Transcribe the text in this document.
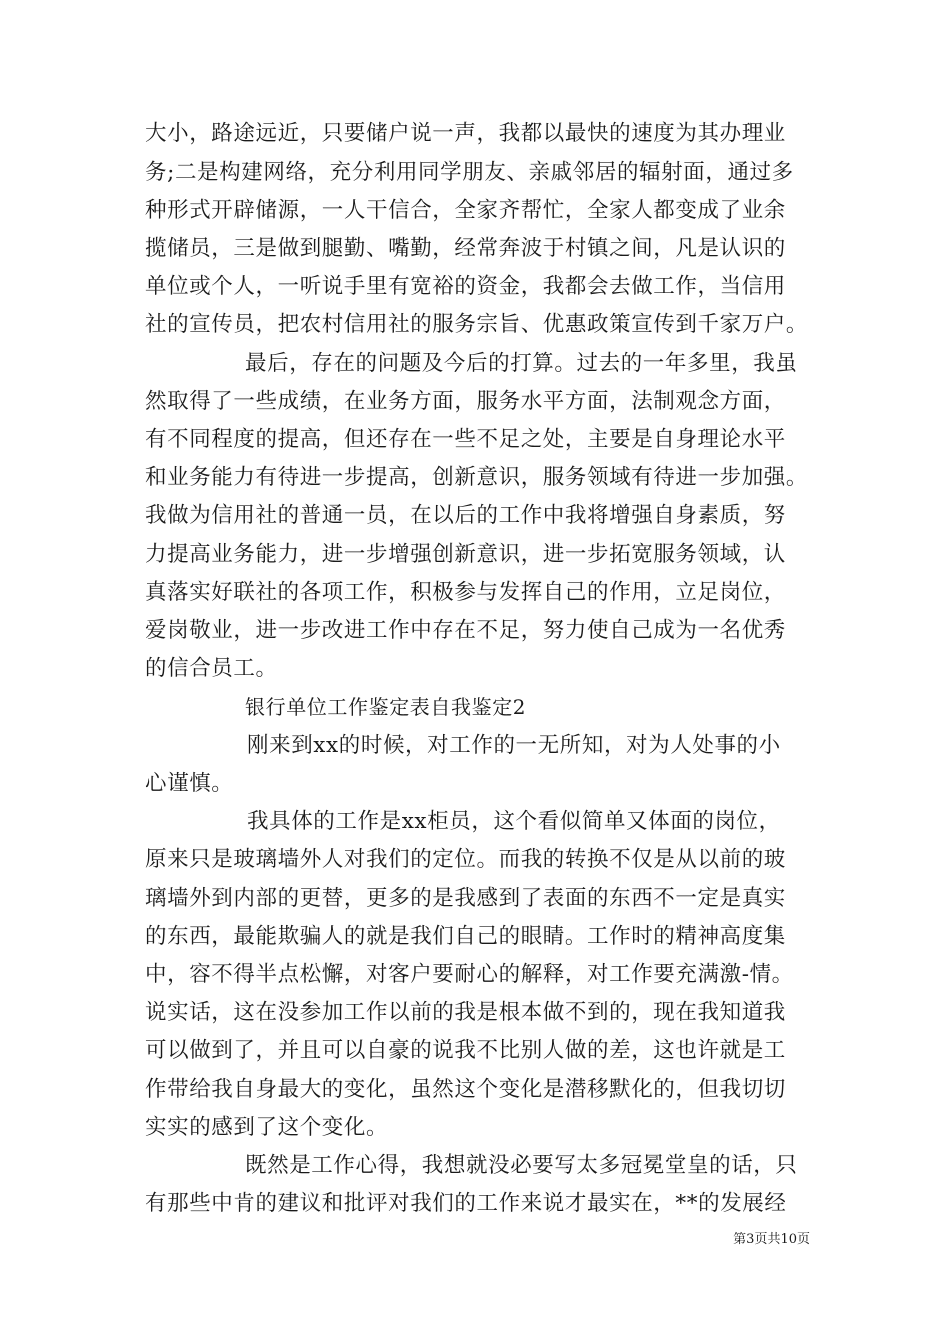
大小，路途远近，只要储户说一声，我都以最快的速度为其办理业
务;二是构建网络，充分利用同学朋友、亲戚邻居的辐射面，通过多
种形式开辟储源，一人干信合，全家齐帮忙，全家人都变成了业余
揽储员，三是做到腿勤、嘴勤，经常奔波于村镇之间，凡是认识的
单位或个人，一听说手里有宽裕的资金，我都会去做工作，当信用
社的宣传员，把农村信用社的服务宗旨、优惠政策宣传到千家万户。
最后，存在的问题及今后的打算。过去的一年多里，我虽
然取得了一些成绩，在业务方面，服务水平方面，法制观念方面，
有不同程度的提高，但还存在一些不足之处，主要是自身理论水平
和业务能力有待进一步提高，创新意识，服务领域有待进一步加强。
我做为信用社的普通一员，在以后的工作中我将增强自身素质，努
力提高业务能力，进一步增强创新意识，进一步拓宽服务领域，认
真落实好联社的各项工作，积极参与发挥自己的作用，立足岗位，
爱岗敬业，进一步改进工作中存在不足，努力使自己成为一名优秀
的信合员工。
银行单位工作鉴定表自我鉴定2
刚来到xx的时候，对工作的一无所知，对为人处事的小
心谨慎。
我具体的工作是xx柜员，这个看似简单又体面的岗位，
原来只是玻璃墙外人对我们的定位。而我的转换不仅是从以前的玻
璃墙外到内部的更替，更多的是我感到了表面的东西不一定是真实
的东西，最能欺骗人的就是我们自己的眼睛。工作时的精神高度集
中，容不得半点松懈，对客户要耐心的解释，对工作要充满激-情。
说实话，这在没参加工作以前的我是根本做不到的，现在我知道我
可以做到了，并且可以自豪的说我不比别人做的差，这也许就是工
作带给我自身最大的变化，虽然这个变化是潜移默化的，但我切切
实实的感到了这个变化。
既然是工作心得，我想就没必要写太多冠冕堂皇的话，只
有那些中肯的建议和批评对我们的工作来说才最实在，**的发展经
第3页共10页
